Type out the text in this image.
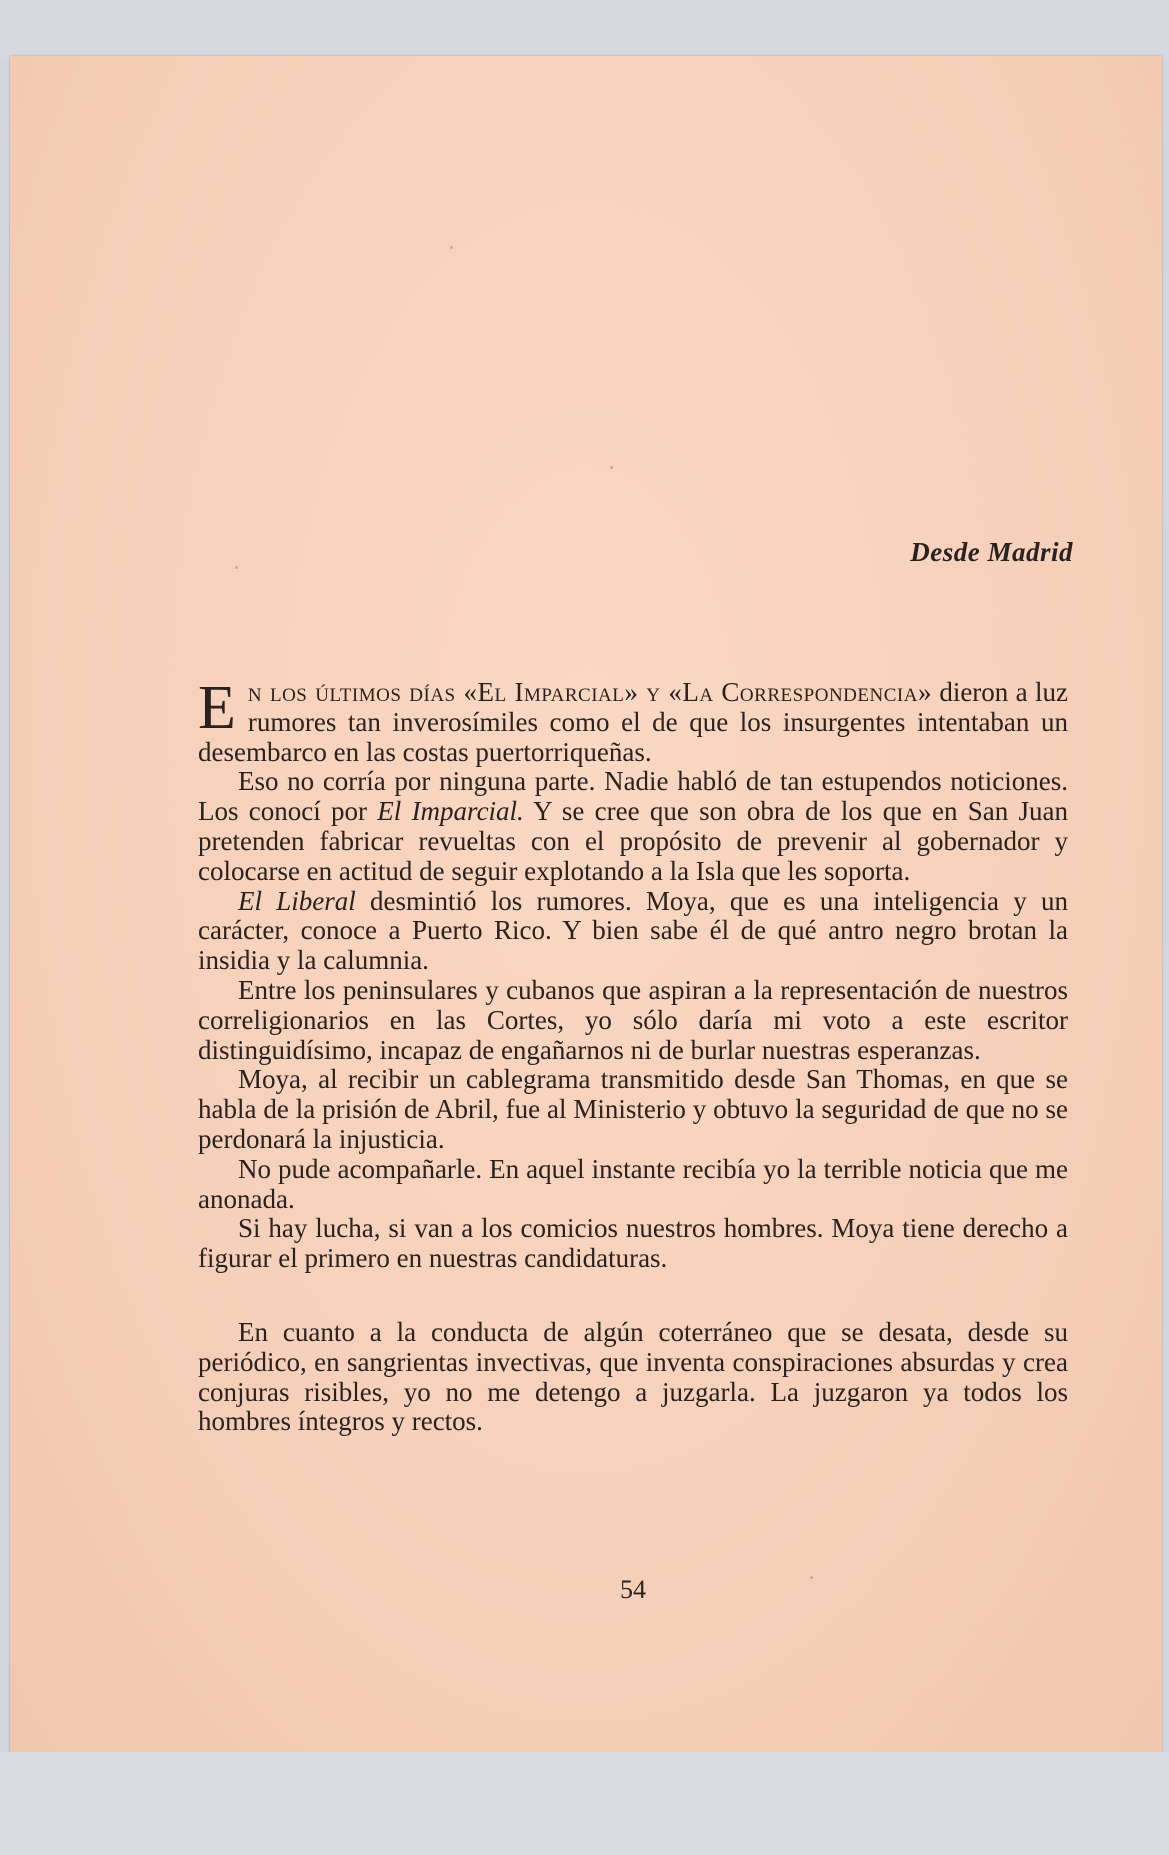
Desde Madrid

En los últimos días «El Imparcial» y «La Correspondencia» dieron a luz rumores tan inverosímiles como el de que los insurgentes intentaban un desembarco en las costas puertorriqueñas.

Eso no corría por ninguna parte. Nadie habló de tan estupendos noticiones. Los conocí por El Imparcial. Y se cree que son obra de los que en San Juan pretenden fabricar revueltas con el propósito de prevenir al gobernador y colocarse en actitud de seguir explotando a la Isla que les soporta.

El Liberal desmintió los rumores. Moya, que es una inteligencia y un carácter, conoce a Puerto Rico. Y bien sabe él de qué antro negro brotan la insidia y la calumnia.

Entre los peninsulares y cubanos que aspiran a la representación de nuestros correligionarios en las Cortes, yo sólo daría mi voto a este escritor distinguidísimo, incapaz de engañarnos ni de burlar nuestras esperanzas.

Moya, al recibir un cablegrama transmitido desde San Thomas, en que se habla de la prisión de Abril, fue al Ministerio y obtuvo la seguridad de que no se perdonará la injusticia.

No pude acompañarle. En aquel instante recibía yo la terrible noticia que me anonada.

Si hay lucha, si van a los comicios nuestros hombres. Moya tiene derecho a figurar el primero en nuestras candidaturas.

En cuanto a la conducta de algún coterráneo que se desata, desde su periódico, en sangrientas invectivas, que inventa conspiraciones absurdas y crea conjuras risibles, yo no me detengo a juzgarla. La juzgaron ya todos los hombres íntegros y rectos.

54
